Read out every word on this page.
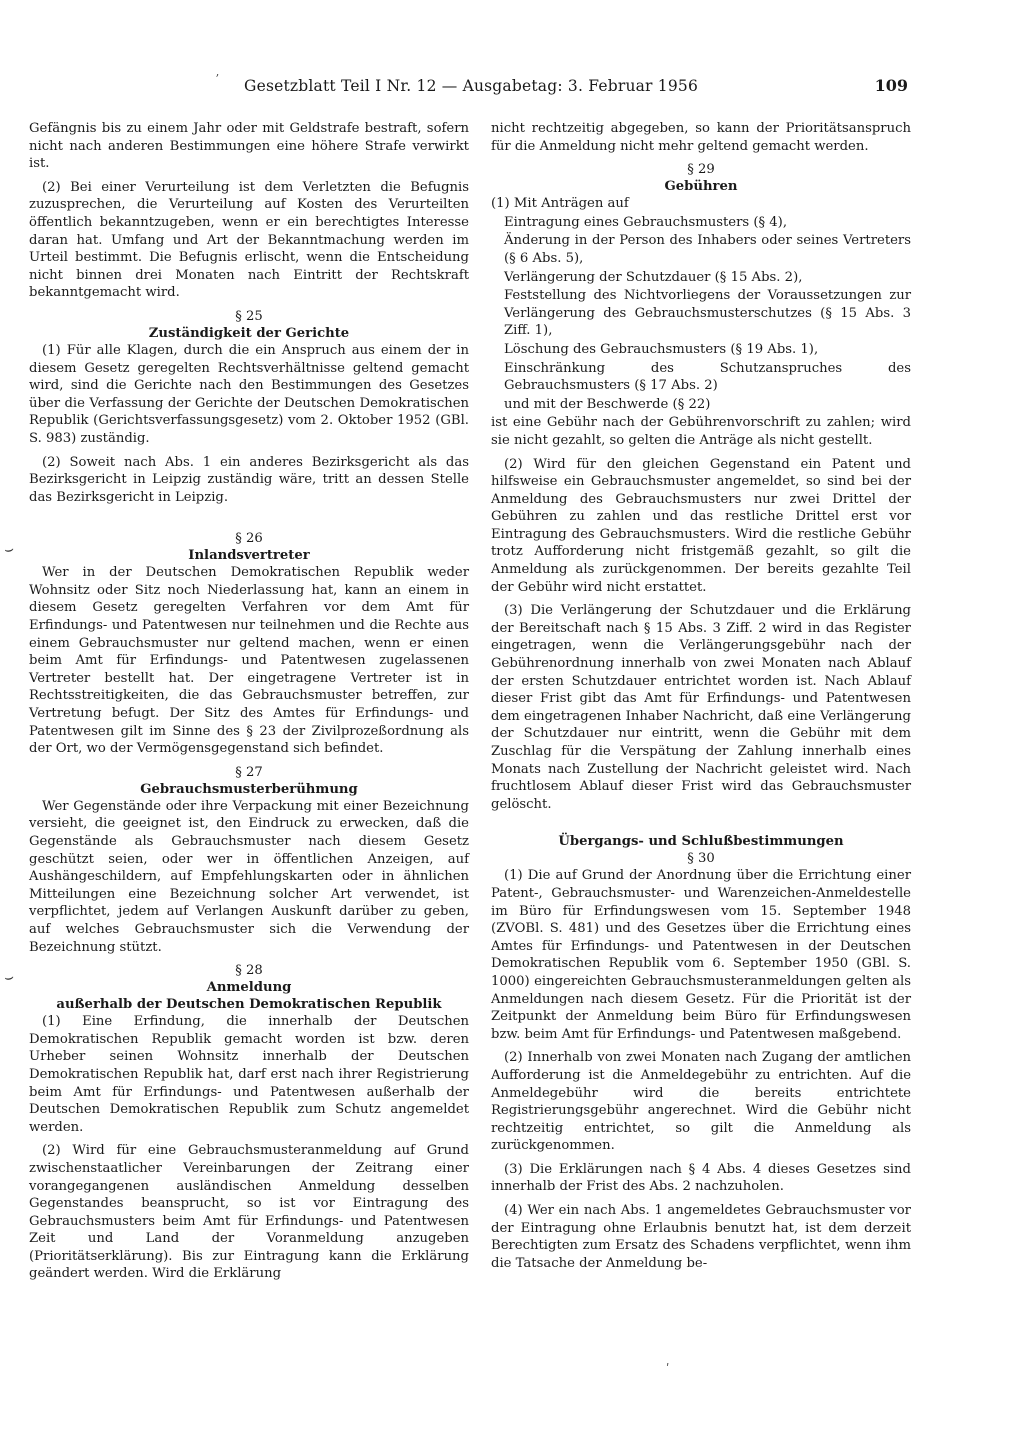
Gesetzblatt Teil I Nr. 12 — Ausgabetag: 3. Februar 1956	109

Gefängnis bis zu einem Jahr oder mit Geldstrafe bestraft, sofern nicht nach anderen Bestimmungen eine höhere Strafe verwirkt ist.

(2) Bei einer Verurteilung ist dem Verletzten die Befugnis zuzusprechen, die Verurteilung auf Kosten des Verurteilten öffentlich bekanntzugeben, wenn er ein berechtigtes Interesse daran hat. Umfang und Art der Bekanntmachung werden im Urteil bestimmt. Die Befugnis erlischt, wenn die Entscheidung nicht binnen drei Monaten nach Eintritt der Rechtskraft bekanntgemacht wird.

§ 25
Zuständigkeit der Gerichte

(1) Für alle Klagen, durch die ein Anspruch aus einem der in diesem Gesetz geregelten Rechtsverhältnisse geltend gemacht wird, sind die Gerichte nach den Bestimmungen des Gesetzes über die Verfassung der Gerichte der Deutschen Demokratischen Republik (Gerichtsverfassungsgesetz) vom 2. Oktober 1952 (GBl. S. 983) zuständig.

(2) Soweit nach Abs. 1 ein anderes Bezirksgericht als das Bezirksgericht in Leipzig zuständig wäre, tritt an dessen Stelle das Bezirksgericht in Leipzig.

§ 26
Inlandsvertreter

Wer in der Deutschen Demokratischen Republik weder Wohnsitz oder Sitz noch Niederlassung hat, kann an einem in diesem Gesetz geregelten Verfahren vor dem Amt für Erfindungs- und Patentwesen nur teilnehmen und die Rechte aus einem Gebrauchsmuster nur geltend machen, wenn er einen beim Amt für Erfindungs- und Patentwesen zugelassenen Vertreter bestellt hat. Der eingetragene Vertreter ist in Rechtsstreitigkeiten, die das Gebrauchsmuster betreffen, zur Vertretung befugt. Der Sitz des Amtes für Erfindungs- und Patentwesen gilt im Sinne des § 23 der Zivilprozeßordnung als der Ort, wo der Vermögensgegenstand sich befindet.

§ 27
Gebrauchsmusterberühmung

Wer Gegenstände oder ihre Verpackung mit einer Bezeichnung versieht, die geeignet ist, den Eindruck zu erwecken, daß die Gegenstände als Gebrauchsmuster nach diesem Gesetz geschützt seien, oder wer in öffentlichen Anzeigen, auf Aushängeschildern, auf Empfehlungskarten oder in ähnlichen Mitteilungen eine Bezeichnung solcher Art verwendet, ist verpflichtet, jedem auf Verlangen Auskunft darüber zu geben, auf welches Gebrauchsmuster sich die Verwendung der Bezeichnung stützt.

§ 28
Anmeldung
außerhalb der Deutschen Demokratischen Republik

(1) Eine Erfindung, die innerhalb der Deutschen Demokratischen Republik gemacht worden ist bzw. deren Urheber seinen Wohnsitz innerhalb der Deutschen Demokratischen Republik hat, darf erst nach ihrer Registrierung beim Amt für Erfindungs- und Patentwesen außerhalb der Deutschen Demokratischen Republik zum Schutz angemeldet werden.

(2) Wird für eine Gebrauchsmusteranmeldung auf Grund zwischenstaatlicher Vereinbarungen der Zeitrang einer vorangegangenen ausländischen Anmeldung desselben Gegenstandes beansprucht, so ist vor Eintragung des Gebrauchsmusters beim Amt für Erfindungs- und Patentwesen Zeit und Land der Voranmeldung anzugeben (Prioritätserklärung). Bis zur Eintragung kann die Erklärung geändert werden. Wird die Erklärung

nicht rechtzeitig abgegeben, so kann der Prioritätsanspruch für die Anmeldung nicht mehr geltend gemacht werden.

§ 29
Gebühren

(1) Mit Anträgen auf

Eintragung eines Gebrauchsmusters (§ 4),
Änderung in der Person des Inhabers oder seines Vertreters (§ 6 Abs. 5),
Verlängerung der Schutzdauer (§ 15 Abs. 2),
Feststellung des Nichtvorliegens der Voraussetzungen zur Verlängerung des Gebrauchsmusterschutzes (§ 15 Abs. 3 Ziff. 1),
Löschung des Gebrauchsmusters (§ 19 Abs. 1),
Einschränkung des Schutzanspruches des Gebrauchsmusters (§ 17 Abs. 2)
und mit der Beschwerde (§ 22)

ist eine Gebühr nach der Gebührenvorschrift zu zahlen; wird sie nicht gezahlt, so gelten die Anträge als nicht gestellt.

(2) Wird für den gleichen Gegenstand ein Patent und hilfsweise ein Gebrauchsmuster angemeldet, so sind bei der Anmeldung des Gebrauchsmusters nur zwei Drittel der Gebühren zu zahlen und das restliche Drittel erst vor Eintragung des Gebrauchsmusters. Wird die restliche Gebühr trotz Aufforderung nicht fristgemäß gezahlt, so gilt die Anmeldung als zurückgenommen. Der bereits gezahlte Teil der Gebühr wird nicht erstattet.

(3) Die Verlängerung der Schutzdauer und die Erklärung der Bereitschaft nach § 15 Abs. 3 Ziff. 2 wird in das Register eingetragen, wenn die Verlängerungsgebühr nach der Gebührenordnung innerhalb von zwei Monaten nach Ablauf der ersten Schutzdauer entrichtet worden ist. Nach Ablauf dieser Frist gibt das Amt für Erfindungs- und Patentwesen dem eingetragenen Inhaber Nachricht, daß eine Verlängerung der Schutzdauer nur eintritt, wenn die Gebühr mit dem Zuschlag für die Verspätung der Zahlung innerhalb eines Monats nach Zustellung der Nachricht geleistet wird. Nach fruchtlosem Ablauf dieser Frist wird das Gebrauchsmuster gelöscht.

Übergangs- und Schlußbestimmungen
§ 30

(1) Die auf Grund der Anordnung über die Errichtung einer Patent-, Gebrauchsmuster- und Warenzeichen-Anmeldestelle im Büro für Erfindungswesen vom 15. September 1948 (ZVOBl. S. 481) und des Gesetzes über die Errichtung eines Amtes für Erfindungs- und Patentwesen in der Deutschen Demokratischen Republik vom 6. September 1950 (GBl. S. 1000) eingereichten Gebrauchsmusteranmeldungen gelten als Anmeldungen nach diesem Gesetz. Für die Priorität ist der Zeitpunkt der Anmeldung beim Büro für Erfindungswesen bzw. beim Amt für Erfindungs- und Patentwesen maßgebend.

(2) Innerhalb von zwei Monaten nach Zugang der amtlichen Aufforderung ist die Anmeldegebühr zu entrichten. Auf die Anmeldegebühr wird die bereits entrichtete Registrierungsgebühr angerechnet. Wird die Gebühr nicht rechtzeitig entrichtet, so gilt die Anmeldung als zurückgenommen.

(3) Die Erklärungen nach § 4 Abs. 4 dieses Gesetzes sind innerhalb der Frist des Abs. 2 nachzuholen.

(4) Wer ein nach Abs. 1 angemeldetes Gebrauchsmuster vor der Eintragung ohne Erlaubnis benutzt hat, ist dem derzeit Berechtigten zum Ersatz des Schadens verpflichtet, wenn ihm die Tatsache der Anmeldung be-

⌣
⌣
ʼ
ʹ
